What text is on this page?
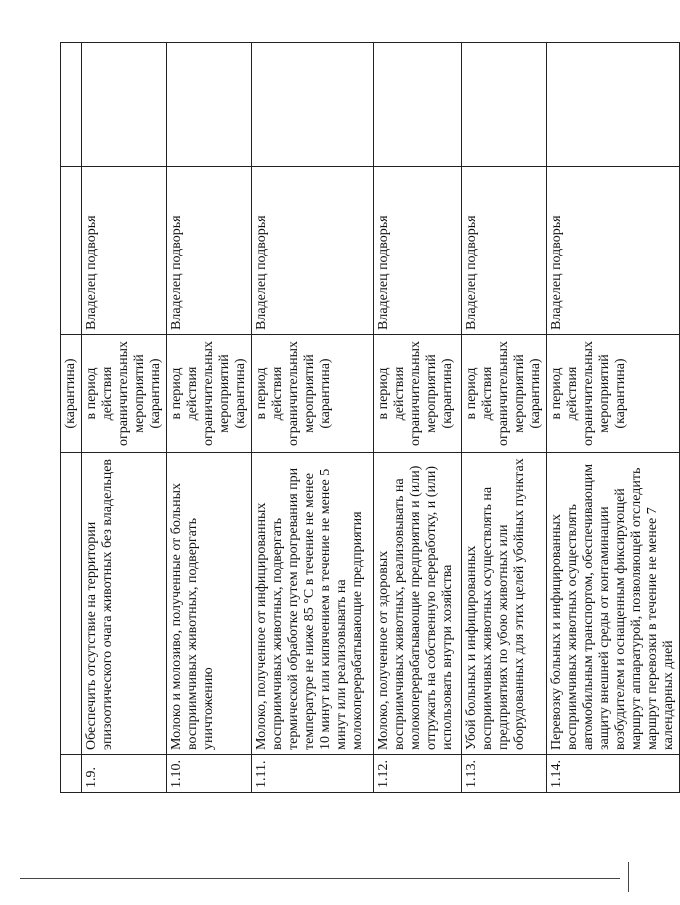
		(карантина)		
1.9.	Обеспечить отсутствие на территории эпизоотического очага животных без владельцев	в период действия ограничительных мероприятий (карантина)	Владелец подворья	
1.10.	Молоко и молозиво, полученные от больных восприимчивых животных, подвергать уничтожению	в период действия ограничительных мероприятий (карантина)	Владелец подворья	
1.11.	Молоко, полученное от инфицированных восприимчивых животных, подвергать термической обработке путем прогревания при температуре не ниже 85 °С в течение не менее 10 минут или кипячением в течение не менее 5 минут или реализовывать на молокоперерабатывающие предприятия	в период действия ограничительных мероприятий (карантина)	Владелец подворья	
1.12.	Молоко, полученное от здоровых восприимчивых животных, реализовывать на молокоперерабатывающие предприятия и (или) отгружать на собственную переработку, и (или) использовать внутри хозяйства	в период действия ограничительных мероприятий (карантина)	Владелец подворья	
1.13.	Убой больных и инфицированных восприимчивых животных осуществлять на предприятиях по убою животных или оборудованных для этих целей убойных пунктах	в период действия ограничительных мероприятий (карантина)	Владелец подворья	
1.14.	Перевозку больных и инфицированных восприимчивых животных осуществлять автомобильным транспортом, обеспечивающим защиту внешней среды от контаминации возбудителем и оснащенным фиксирующей маршрут аппаратурой, позволяющей отследить маршрут перевозки в течение не менее 7 календарных дней	в период действия ограничительных мероприятий (карантина)	Владелец подворья	
